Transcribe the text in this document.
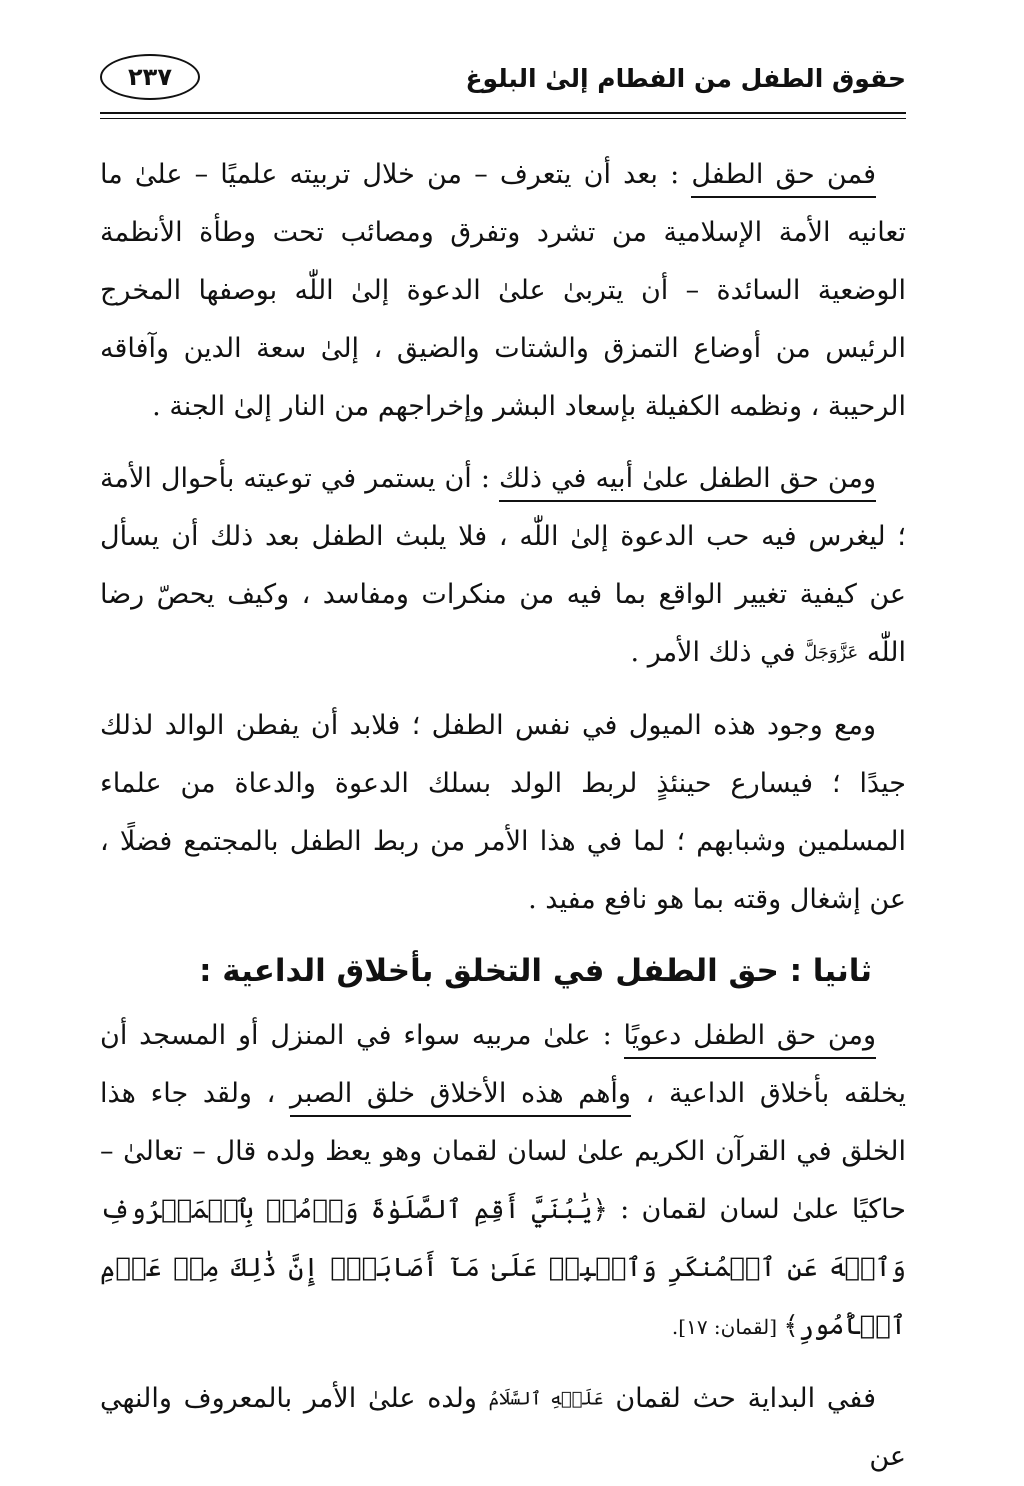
حقوق الطفل من الفطام إلىٰ البلوغ
٢٣٧

فمن حق الطفل : بعد أن يتعرف – من خلال تربيته علميًا – علىٰ ما تعانيه الأمة الإسلامية من تشرد وتفرق ومصائب تحت وطأة الأنظمة الوضعية السائدة – أن يتربىٰ علىٰ الدعوة إلىٰ اللّٰه بوصفها المخرج الرئيس من أوضاع التمزق والشتات والضيق ، إلىٰ سعة الدين وآفاقه الرحيبة ، ونظمه الكفيلة بإسعاد البشر وإخراجهم من النار إلىٰ الجنة .

ومن حق الطفل علىٰ أبيه في ذلك : أن يستمر في توعيته بأحوال الأمة ؛ ليغرس فيه حب الدعوة إلىٰ اللّٰه ، فلا يلبث الطفل بعد ذلك أن يسأل عن كيفية تغيير الواقع بما فيه من منكرات ومفاسد ، وكيف يحصّ رضا اللّٰه عَزَّوَجَلَّ في ذلك الأمر .

ومع وجود هذه الميول في نفس الطفل ؛ فلابد أن يفطن الوالد لذلك جيدًا ؛ فيسارع حينئذٍ لربط الولد بسلك الدعوة والدعاة من علماء المسلمين وشبابهم ؛ لما في هذا الأمر من ربط الطفل بالمجتمع فضلًا ، عن إشغال وقته بما هو نافع مفيد .

ثانيا : حق الطفل في التخلق بأخلاق الداعية :

ومن حق الطفل دعويًا : علىٰ مربيه سواء في المنزل أو المسجد أن يخلقه بأخلاق الداعية ، وأهم هذه الأخلاق خلق الصبر ، ولقد جاء هذا الخلق في القرآن الكريم علىٰ لسان لقمان وهو يعظ ولده قال – تعالىٰ – حاكيًا علىٰ لسان لقمان : ﴿يَٰبُنَيَّ أَقِمِ ٱلصَّلَوٰةَ وَأۡمُرۡ بِٱلۡمَعۡرُوفِ وَٱنۡهَ عَنِ ٱلۡمُنكَرِ وَٱصۡبِرۡ عَلَىٰ مَآ أَصَابَكَۖ إِنَّ ذَٰلِكَ مِنۡ عَزۡمِ ٱلۡأُمُورِ﴾ [لقمان: ١٧].

ففي البداية حث لقمان عَلَيۡهِ ٱلسَّلَامُ ولده علىٰ الأمر بالمعروف والنهي عن
